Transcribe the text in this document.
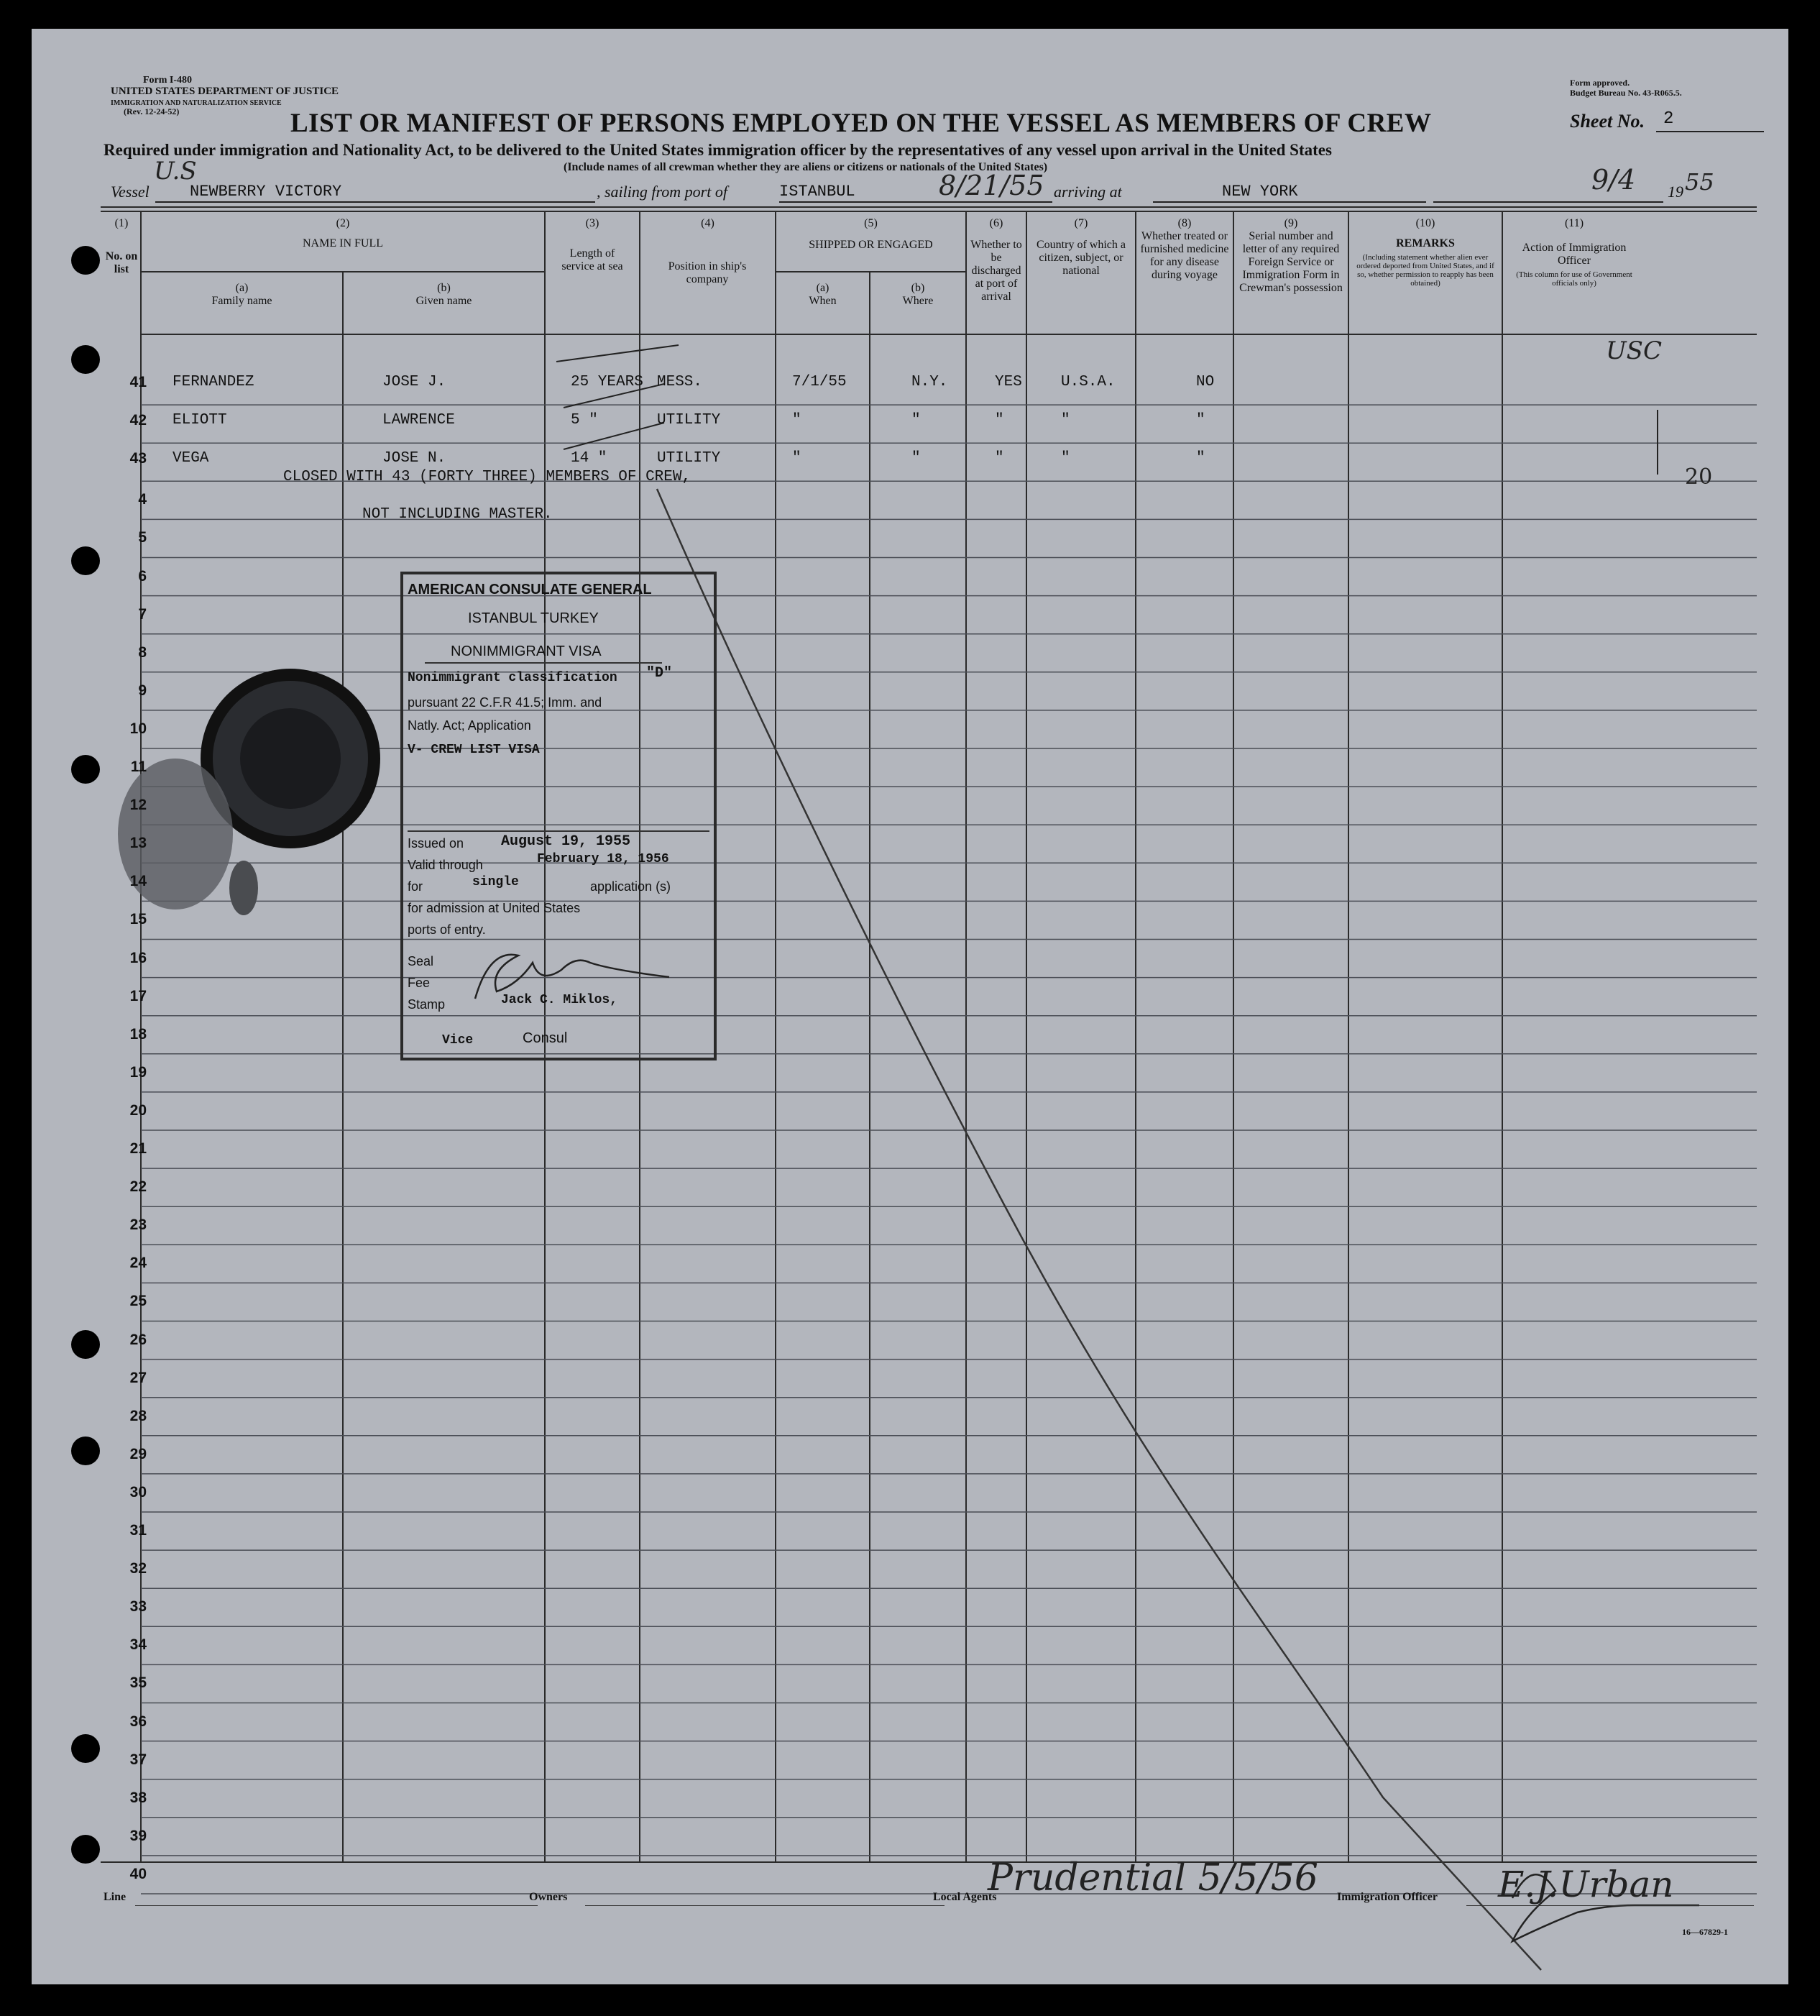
Form I-480
UNITED STATES DEPARTMENT OF JUSTICE
IMMIGRATION AND NATURALIZATION SERVICE
(Rev. 12-24-52)
Form approved.
Budget Bureau No. 43-R065.5.
LIST OR MANIFEST OF PERSONS EMPLOYED ON THE VESSEL AS MEMBERS OF CREW	Sheet No. 2
Required under immigration and Nationality Act, to be delivered to the United States immigration officer by the representatives of any vessel upon arrival in the United States
(Include names of all crewman whether they are aliens or citizens or nationals of the United States)
Vessel
U.S
NEWBERRY VICTORY	, sailing from port of	ISTANBUL	8/21/55 arriving at	NEW YORK	9/4 19 55
(1)
No. on list
(2)
NAME IN FULL
(a)
Family name
(b)
Given name
(3)
Length of service at sea
(4)
Position in ship's company
(5)
SHIPPED OR ENGAGED
(a)
When
(b)
Where
(6)
Whether to be discharged at port of arrival
(7)
Country of which a citizen, subject, or national
(8)
Whether treated or furnished medicine for any disease during voyage
(9)
Serial number and letter of any required Foreign Service or Immigration Form in Crewman's possession
(10)
REMARKS
(Including statement whether alien ever ordered deported from United States, and if so, whether permission to reapply has been obtained)
(11)
Action of Immigration Officer
(This column for use of Government officials only)
41 FERNANDEZ	JOSE J.	25 YEARS MESS.	7/1/55	N.Y.	YES	U.S.A.	NO
42 ELIOTT	LAWRENCE	5 "	UTILITY	"	"	"	"	"
43 VEGA	JOSE N.	14 "	UTILITY	"	"	"	"	"
4
5
6
7
8
9
10
11
12
13
14
15
16
17
18
19
20
21
22
23
24
25
26
27
28
29
30
31
32
33
34
35
36
37
38
39
40
CLOSED WITH 43 (FORTY THREE) MEMBERS OF CREW,
NOT INCLUDING MASTER.
USC
20
AMERICAN CONSULATE GENERAL
ISTANBUL TURKEY
NONIMMIGRANT VISA
Nonimmigrant classification "D"
pursuant 22 C.F.R 41.5; Imm. and
Natly. Act; Application
V- CREW LIST VISA
Issued on	August 19, 1955
Valid through	February 18, 1956
for	single	application (s)
for admission at United States
ports of entry.
Seal
Fee
Stamp	Jack C. Miklos,
Vice	Consul
Line	Owners	Local Agents
Prudential 5/5/56 Immigration Officer E.J.Urban
16—67829-1
